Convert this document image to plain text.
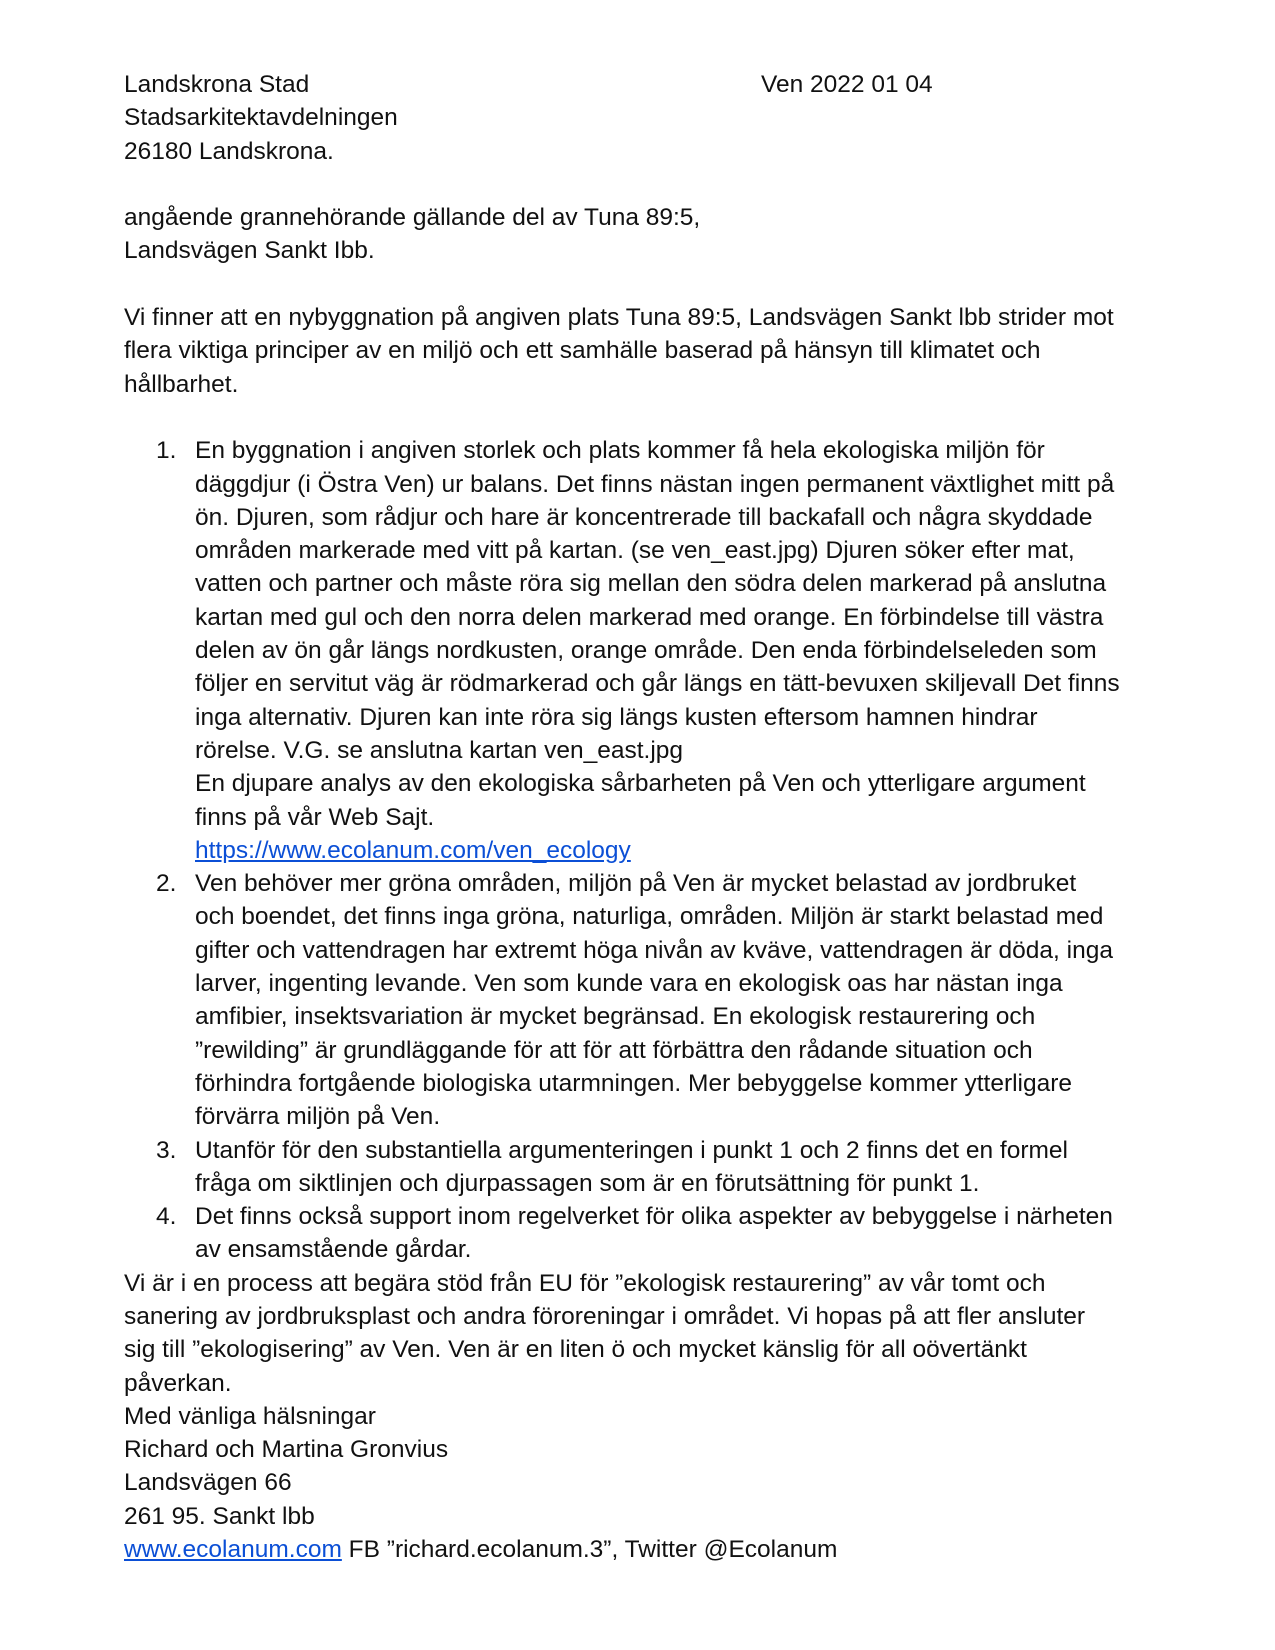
Landskrona Stad	Ven 2022 01 04
Stadsarkitektavdelningen
26180 Landskrona.
angående grannehörande gällande del av Tuna 89:5,
Landsvägen Sankt Ibb.
Vi finner att en nybyggnation på angiven plats Tuna 89:5, Landsvägen Sankt lbb strider mot
flera viktiga principer av en miljö och ett samhälle baserad på hänsyn till klimatet och
hållbarhet.
1. En byggnation i angiven storlek och plats kommer få hela ekologiska miljön för
däggdjur (i Östra Ven) ur balans. Det finns nästan ingen permanent växtlighet mitt på
ön. Djuren, som rådjur och hare är koncentrerade till backafall och några skyddade
områden markerade med vitt på kartan. (se ven_east.jpg) Djuren söker efter mat,
vatten och partner och måste röra sig mellan den södra delen markerad på anslutna
kartan med gul och den norra delen markerad med orange. En förbindelse till västra
delen av ön går längs nordkusten, orange område. Den enda förbindelseleden som
följer en servitut väg är rödmarkerad och går längs en tätt-bevuxen skiljevall Det finns
inga alternativ. Djuren kan inte röra sig längs kusten eftersom hamnen hindrar
rörelse. V.G. se anslutna kartan ven_east.jpg
En djupare analys av den ekologiska sårbarheten på Ven och ytterligare argument
finns på vår Web Sajt.
https://www.ecolanum.com/ven_ecology
2. Ven behöver mer gröna områden, miljön på Ven är mycket belastad av jordbruket
och boendet, det finns inga gröna, naturliga, områden. Miljön är starkt belastad med
gifter och vattendragen har extremt höga nivån av kväve, vattendragen är döda, inga
larver, ingenting levande. Ven som kunde vara en ekologisk oas har nästan inga
amfibier, insektsvariation är mycket begränsad. En ekologisk restaurering och
”rewilding” är grundläggande för att för att förbättra den rådande situation och
förhindra fortgående biologiska utarmningen. Mer bebyggelse kommer ytterligare
förvärra miljön på Ven.
3. Utanför för den substantiella argumenteringen i punkt 1 och 2 finns det en formel
fråga om siktlinjen och djurpassagen som är en förutsättning för punkt 1.
4. Det finns också support inom regelverket för olika aspekter av bebyggelse i närheten
av ensamstående gårdar.
Vi är i en process att begära stöd från EU för ”ekologisk restaurering” av vår tomt och
sanering av jordbruksplast och andra föroreningar i området. Vi hopas på att fler ansluter
sig till ”ekologisering” av Ven. Ven är en liten ö och mycket känslig för all oövertänkt
påverkan.
Med vänliga hälsningar
Richard och Martina Gronvius
Landsvägen 66
261 95. Sankt lbb
www.ecolanum.com FB ”richard.ecolanum.3”, Twitter @Ecolanum
